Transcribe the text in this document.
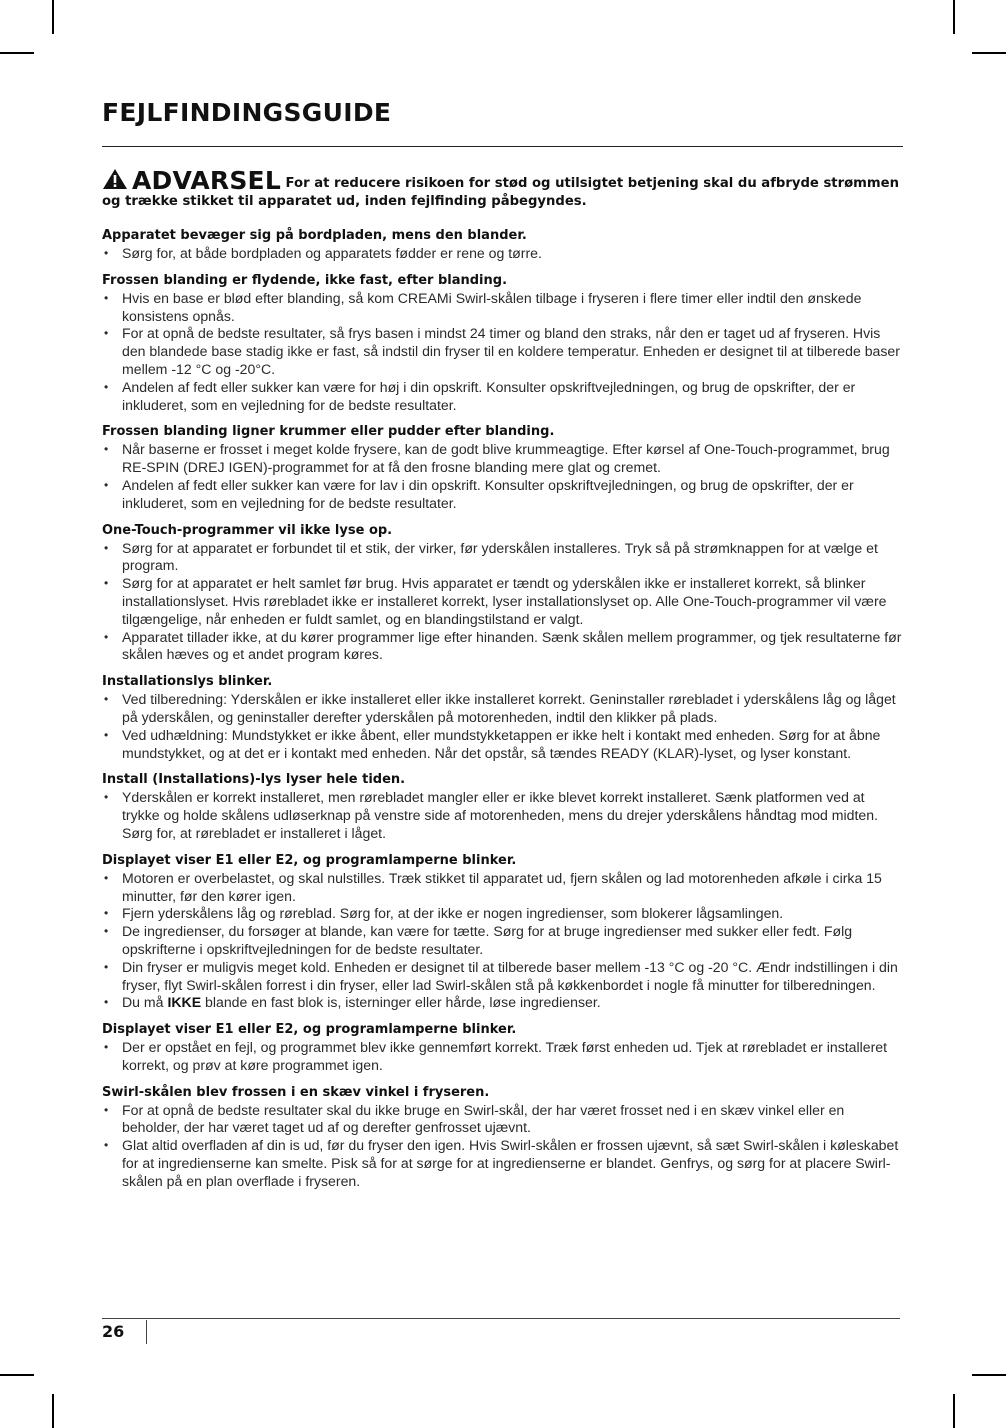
FEJLFINDINGSGUIDE

ADVARSEL For at reducere risikoen for stød og utilsigtet betjening skal du afbryde strømmen og trække stikket til apparatet ud, inden fejlfinding påbegyndes.

Apparatet bevæger sig på bordpladen, mens den blander.

• Sørg for, at både bordpladen og apparatets fødder er rene og tørre.

Frossen blanding er flydende, ikke fast, efter blanding.

• Hvis en base er blød efter blanding, så kom CREAMi Swirl-skålen tilbage i fryseren i flere timer eller indtil den ønskede konsistens opnås.
• For at opnå de bedste resultater, så frys basen i mindst 24 timer og bland den straks, når den er taget ud af fryseren. Hvis den blandede base stadig ikke er fast, så indstil din fryser til en koldere temperatur. Enheden er designet til at tilberede baser mellem -12 °C og -20°C.
• Andelen af fedt eller sukker kan være for høj i din opskrift. Konsulter opskriftvejledningen, og brug de opskrifter, der er inkluderet, som en vejledning for de bedste resultater.

Frossen blanding ligner krummer eller pudder efter blanding.

• Når baserne er frosset i meget kolde frysere, kan de godt blive krummeagtige. Efter kørsel af One-Touch-programmet, brug RE-SPIN (DREJ IGEN)-programmet for at få den frosne blanding mere glat og cremet.
• Andelen af fedt eller sukker kan være for lav i din opskrift. Konsulter opskriftvejledningen, og brug de opskrifter, der er inkluderet, som en vejledning for de bedste resultater.

One-Touch-programmer vil ikke lyse op.

• Sørg for at apparatet er forbundet til et stik, der virker, før yderskålen installeres. Tryk så på strømknappen for at vælge et program.
• Sørg for at apparatet er helt samlet før brug. Hvis apparatet er tændt og yderskålen ikke er installeret korrekt, så blinker installationslyset. Hvis rørebladet ikke er installeret korrekt, lyser installationslyset op. Alle One-Touch-programmer vil være tilgængelige, når enheden er fuldt samlet, og en blandingstilstand er valgt.
• Apparatet tillader ikke, at du kører programmer lige efter hinanden. Sænk skålen mellem programmer, og tjek resultaterne før skålen hæves og et andet program køres.

Installationslys blinker.

• Ved tilberedning: Yderskålen er ikke installeret eller ikke installeret korrekt. Geninstaller rørebladet i yderskålens låg og låget på yderskålen, og geninstaller derefter yderskålen på motorenheden, indtil den klikker på plads.
• Ved udhældning: Mundstykket er ikke åbent, eller mundstykketappen er ikke helt i kontakt med enheden. Sørg for at åbne mundstykket, og at det er i kontakt med enheden. Når det opstår, så tændes READY (KLAR)-lyset, og lyser konstant.

Install (Installations)-lys lyser hele tiden.

• Yderskålen er korrekt installeret, men rørebladet mangler eller er ikke blevet korrekt installeret. Sænk platformen ved at trykke og holde skålens udløserknap på venstre side af motorenheden, mens du drejer yderskålens håndtag mod midten. Sørg for, at rørebladet er installeret i låget.

Displayet viser E1 eller E2, og programlamperne blinker.

• Motoren er overbelastet, og skal nulstilles. Træk stikket til apparatet ud, fjern skålen og lad motorenheden afkøle i cirka 15 minutter, før den kører igen.
• Fjern yderskålens låg og røreblad. Sørg for, at der ikke er nogen ingredienser, som blokerer lågsamlingen.
• De ingredienser, du forsøger at blande, kan være for tætte. Sørg for at bruge ingredienser med sukker eller fedt. Følg opskrifterne i opskriftvejledningen for de bedste resultater.
• Din fryser er muligvis meget kold. Enheden er designet til at tilberede baser mellem -13 °C og -20 °C. Ændr indstillingen i din fryser, flyt Swirl-skålen forrest i din fryser, eller lad Swirl-skålen stå på køkkenbordet i nogle få minutter for tilberedningen.
• Du må IKKE blande en fast blok is, isterninger eller hårde, løse ingredienser.

Displayet viser E1 eller E2, og programlamperne blinker.

• Der er opstået en fejl, og programmet blev ikke gennemført korrekt. Træk først enheden ud. Tjek at rørebladet er installeret korrekt, og prøv at køre programmet igen.

Swirl-skålen blev frossen i en skæv vinkel i fryseren.

• For at opnå de bedste resultater skal du ikke bruge en Swirl-skål, der har været frosset ned i en skæv vinkel eller en beholder, der har været taget ud af og derefter genfrosset ujævnt.
• Glat altid overfladen af din is ud, før du fryser den igen. Hvis Swirl-skålen er frossen ujævnt, så sæt Swirl-skålen i køleskabet for at ingredienserne kan smelte. Pisk så for at sørge for at ingredienserne er blandet. Genfrys, og sørg for at placere Swirl-skålen på en plan overflade i fryseren.
26
